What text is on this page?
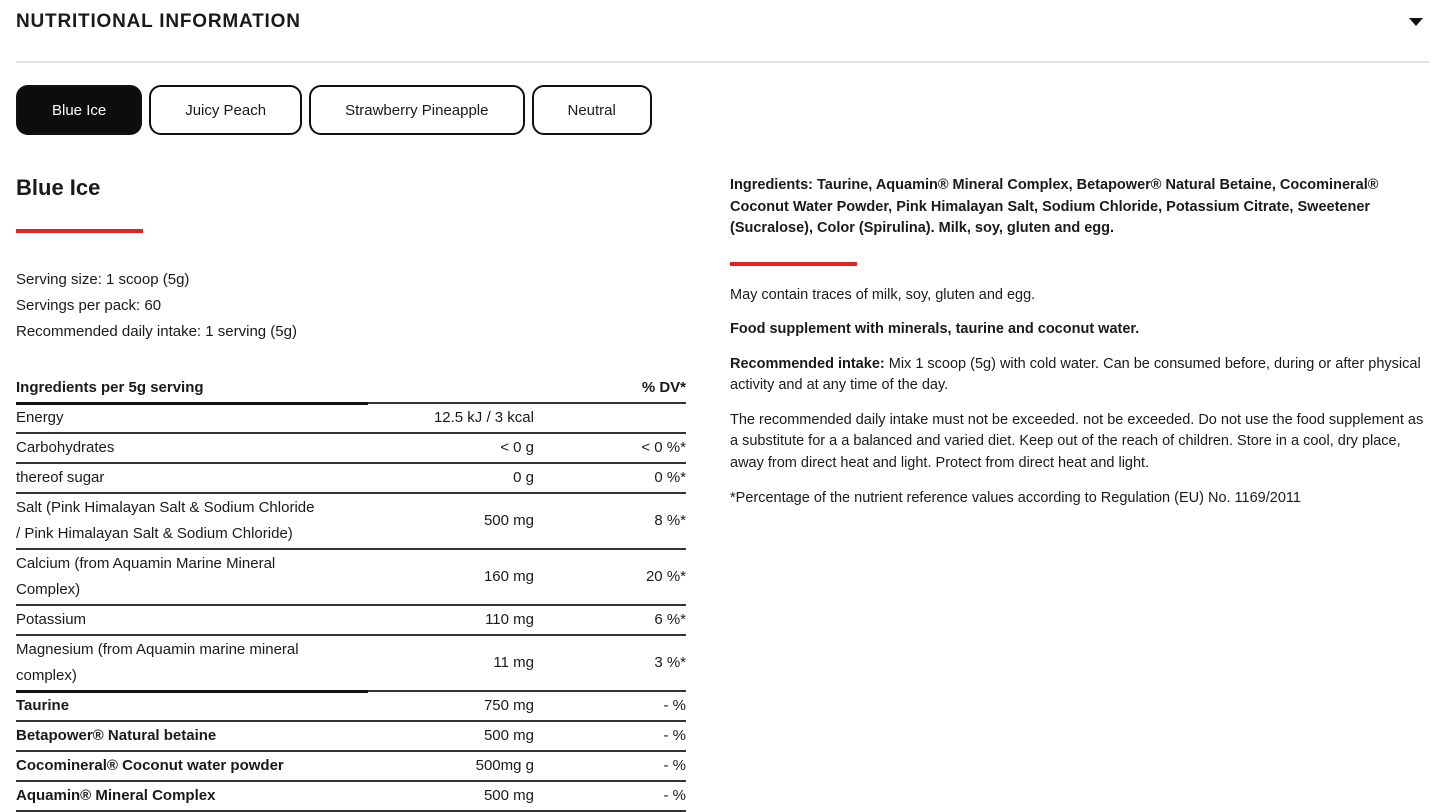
NUTRITIONAL INFORMATION
Blue Ice	Juicy Peach	Strawberry Pineapple	Neutral
Blue Ice

Serving size: 1 scoop (5g)

Servings per pack: 60

Recommended daily intake: 1 serving (5g)

Ingredients per 5g serving	% DV*
Energy	12.5 kJ / 3 kcal
Carbohydrates	< 0 g	< 0 %*
thereof sugar	0 g	0 %*
Salt (Pink Himalayan Salt & Sodium Chloride / Pink Himalayan Salt & Sodium Chloride)
500 mg	8 %*
Calcium (from Aquamin Marine Mineral Complex)
160 mg	20 %*
Potassium	110 mg	6 %*
Magnesium (from Aquamin marine mineral complex)
11 mg	3 %*
Taurine	750 mg	- %
Betapower® Natural betaine	500 mg	- %
Cocomineral® Coconut water powder	500mg g	- %
Aquamin® Mineral Complex	500 mg	- %

Ingredients: Taurine, Aquamin® Mineral Complex, Betapower® Natural Betaine, Cocomineral® Coconut Water Powder, Pink Himalayan Salt, Sodium Chloride, Potassium Citrate, Sweetener (Sucralose), Color (Spirulina). Milk, soy, gluten and egg.

May contain traces of milk, soy, gluten and egg.

Food supplement with minerals, taurine and coconut water.

Recommended intake: Mix 1 scoop (5g) with cold water. Can be consumed before, during or after physical activity and at any time of the day.

The recommended daily intake must not be exceeded. not be exceeded. Do not use the food supplement as a substitute for a a balanced and varied diet. Keep out of the reach of children. Store in a cool, dry place, away from direct heat and light. Protect from direct heat and light.

*Percentage of the nutrient reference values according to Regulation (EU) No. 1169/2011
